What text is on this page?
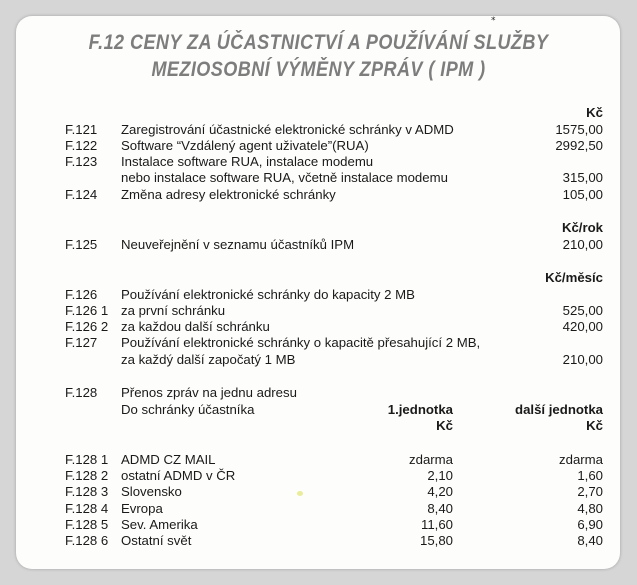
⁎
F.12 CENY ZA ÚČASTNICTVÍ A POUŽÍVÁNÍ SLUŽBY
MEZIOSOBNÍ VÝMĚNY ZPRÁV ( IPM )
Kč
F.121 Zaregistrování účastnické elektronické schránky v ADMD	1575,00
F.122 Software “Vzdálený agent uživatele”(RUA)	2992,50
F.123 Instalace software RUA, instalace modemu
nebo instalace software RUA, včetně instalace modemu	315,00
F.124 Změna adresy elektronické schránky	105,00
Kč/rok
F.125 Neuveřejnění v seznamu účastníků IPM	210,00
Kč/měsíc
F.126 Používání elektronické schránky do kapacity 2 MB
F.126 1 za první schránku	525,00
F.126 2 za každou další schránku	420,00
F.127 Používání elektronické schránky o kapacitě přesahující 2 MB,
za každý další započatý 1 MB	210,00
F.128 Přenos zpráv na jednu adresu
Do schránky účastníka	1.jednotka	další jednotka
Kč	Kč
F.128 1 ADMD CZ MAIL	zdarma	zdarma
F.128 2 ostatní ADMD v ČR	2,10	1,60
F.128 3 Slovensko	4,20	2,70
F.128 4 Evropa	8,40	4,80
F.128 5 Sev. Amerika	11,60	6,90
F.128 6 Ostatní svět	15,80	8,40
